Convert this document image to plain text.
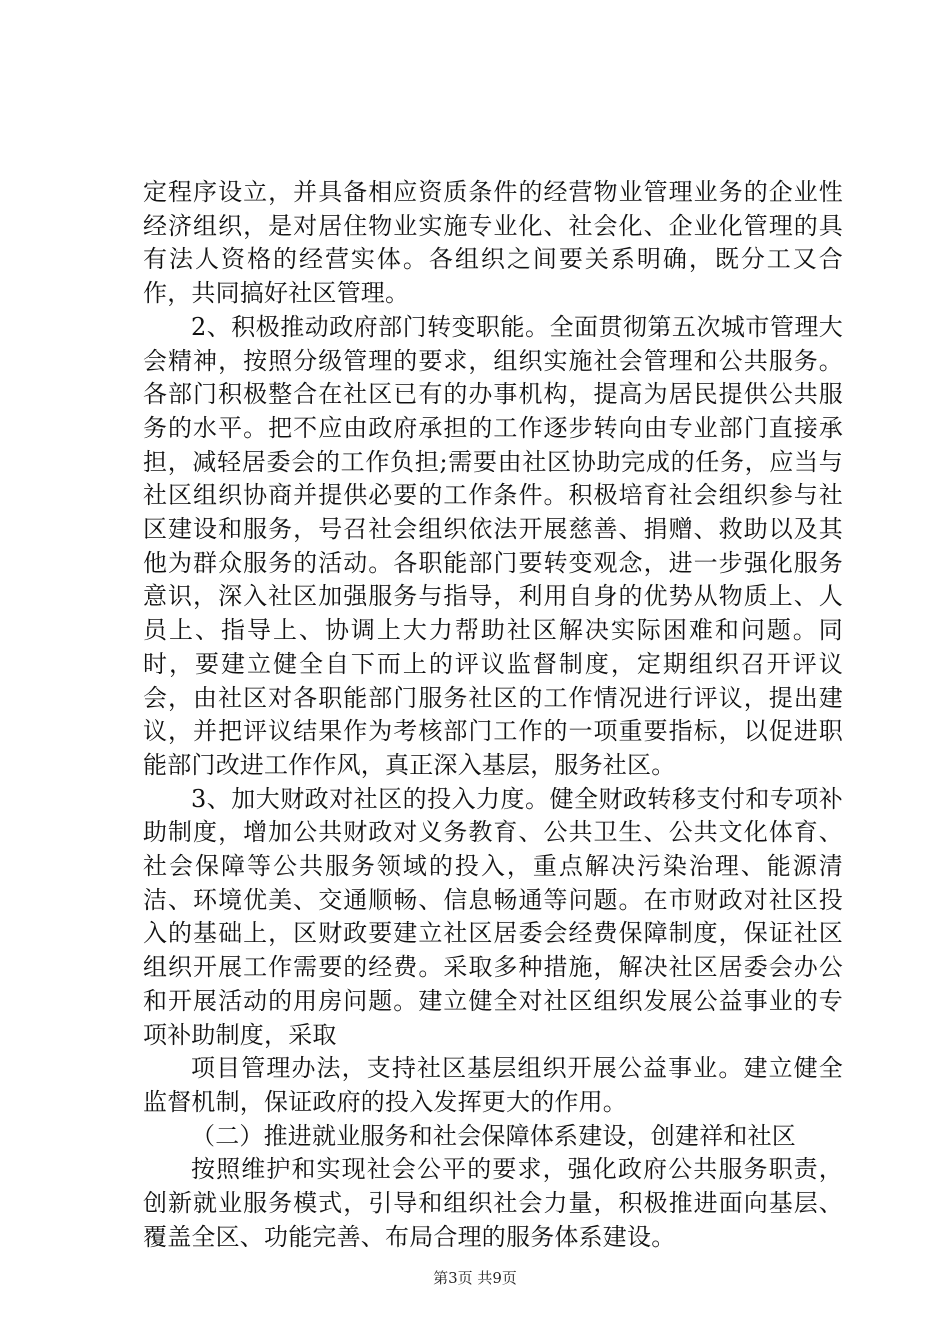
定程序设立，并具备相应资质条件的经营物业管理业务的企业性经济组织，是对居住物业实施专业化、社会化、企业化管理的具有法人资格的经营实体。各组织之间要关系明确，既分工又合作，共同搞好社区管理。

2、积极推动政府部门转变职能。全面贯彻第五次城市管理大会精神，按照分级管理的要求，组织实施社会管理和公共服务。各部门积极整合在社区已有的办事机构，提高为居民提供公共服务的水平。把不应由政府承担的工作逐步转向由专业部门直接承担，减轻居委会的工作负担;需要由社区协助完成的任务，应当与社区组织协商并提供必要的工作条件。积极培育社会组织参与社区建设和服务，号召社会组织依法开展慈善、捐赠、救助以及其他为群众服务的活动。各职能部门要转变观念，进一步强化服务意识，深入社区加强服务与指导，利用自身的优势从物质上、人员上、指导上、协调上大力帮助社区解决实际困难和问题。同时，要建立健全自下而上的评议监督制度，定期组织召开评议会，由社区对各职能部门服务社区的工作情况进行评议，提出建议，并把评议结果作为考核部门工作的一项重要指标，以促进职能部门改进工作作风，真正深入基层，服务社区。

3、加大财政对社区的投入力度。健全财政转移支付和专项补助制度，增加公共财政对义务教育、公共卫生、公共文化体育、社会保障等公共服务领域的投入，重点解决污染治理、能源清洁、环境优美、交通顺畅、信息畅通等问题。在市财政对社区投入的基础上，区财政要建立社区居委会经费保障制度，保证社区组织开展工作需要的经费。采取多种措施，解决社区居委会办公和开展活动的用房问题。建立健全对社区组织发展公益事业的专项补助制度，采取

项目管理办法，支持社区基层组织开展公益事业。建立健全监督机制，保证政府的投入发挥更大的作用。

（二）推进就业服务和社会保障体系建设，创建祥和社区

按照维护和实现社会公平的要求，强化政府公共服务职责，创新就业服务模式，引导和组织社会力量，积极推进面向基层、覆盖全区、功能完善、布局合理的服务体系建设。

第3页 共9页
